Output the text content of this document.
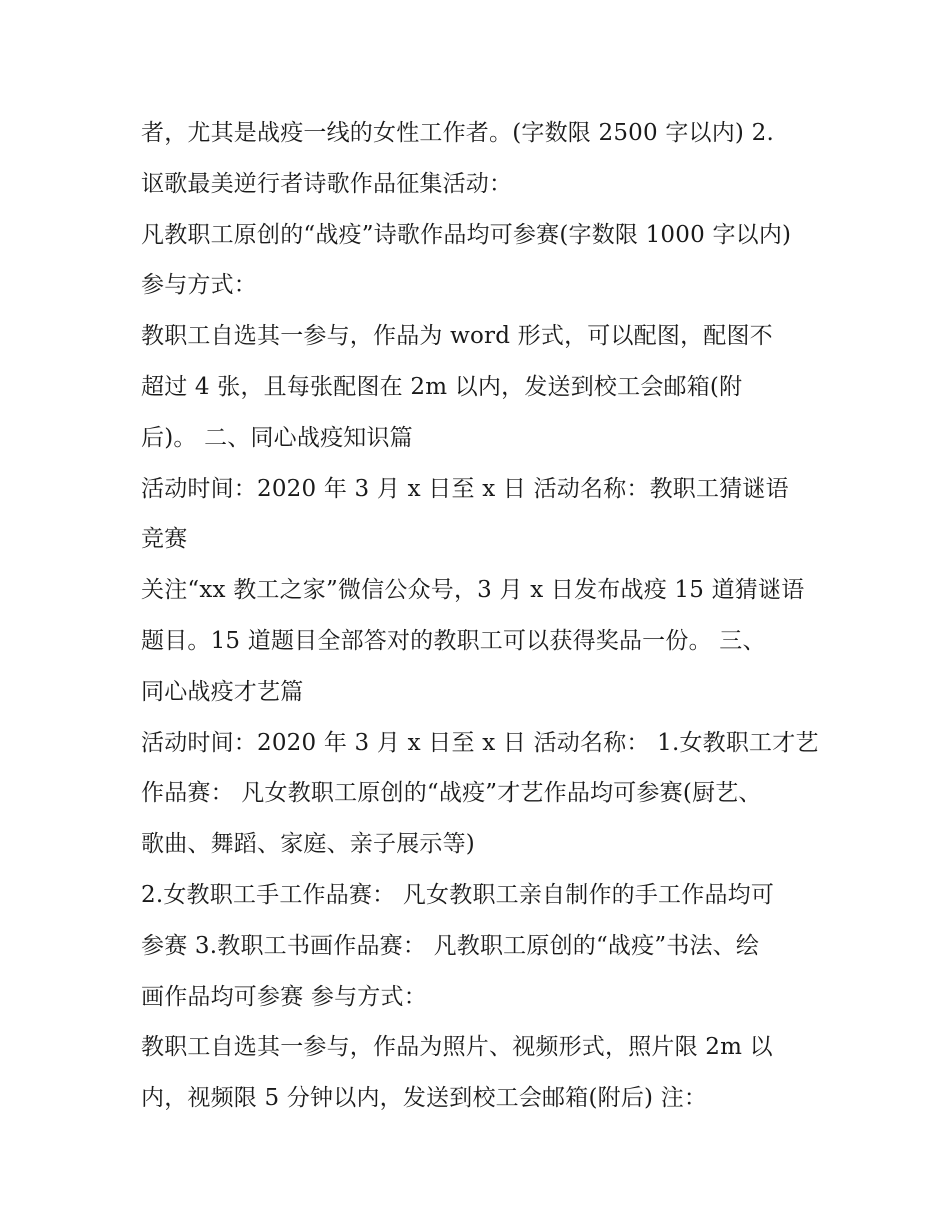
者，尤其是战疫一线的女性工作者。(字数限 2500 字以内) 2.
讴歌最美逆行者诗歌作品征集活动：
凡教职工原创的“战疫”诗歌作品均可参赛(字数限 1000 字以内)
参与方式：
教职工自选其一参与，作品为 word 形式，可以配图，配图不
超过 4 张，且每张配图在 2m 以内，发送到校工会邮箱(附
后)。 二、同心战疫知识篇
活动时间：2020 年 3 月 x 日至 x 日 活动名称：教职工猜谜语
竞赛
关注“xx 教工之家”微信公众号，3 月 x 日发布战疫 15 道猜谜语
题目。15 道题目全部答对的教职工可以获得奖品一份。 三、
同心战疫才艺篇
活动时间：2020 年 3 月 x 日至 x 日 活动名称： 1.女教职工才艺
作品赛： 凡女教职工原创的“战疫”才艺作品均可参赛(厨艺、
歌曲、舞蹈、家庭、亲子展示等)
2.女教职工手工作品赛： 凡女教职工亲自制作的手工作品均可
参赛 3.教职工书画作品赛： 凡教职工原创的“战疫”书法、绘
画作品均可参赛 参与方式：
教职工自选其一参与，作品为照片、视频形式，照片限 2m 以
内，视频限 5 分钟以内，发送到校工会邮箱(附后) 注：
